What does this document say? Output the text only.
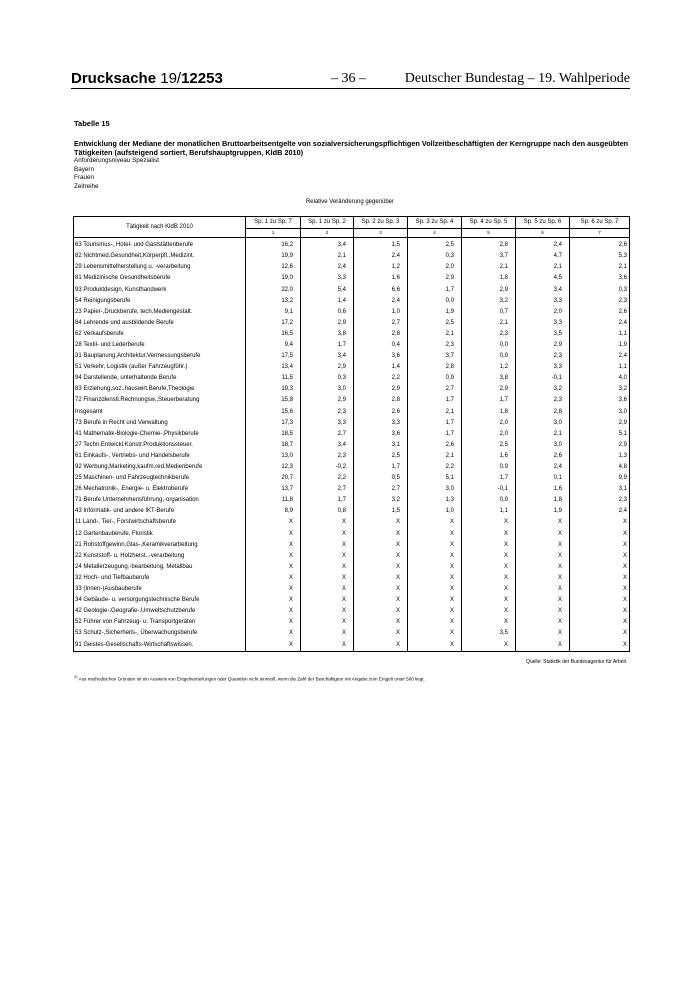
Drucksache 19/12253	– 36 –	Deutscher Bundestag – 19. Wahlperiode
Tabelle 15
Entwicklung der Mediane der monatlichen Bruttoarbeitsentgelte von sozialversicherungspflichtigen Vollzeitbeschäftigten der Kerngruppe nach den ausgeübten Tätigkeiten (aufsteigend sortiert, Berufshauptgruppen, KldB 2010)
Anforderungsniveau Spezialist
Bayern
Frauen
Zeitreihe
Relative Veränderung gegenüber
Tätigkeit nach KldB 2010	Sp. 1 zu Sp. 7	Sp. 1 zu Sp. 2	Sp. 2 zu Sp. 3	Sp. 3 zu Sp. 4	Sp. 4 zu Sp. 5	Sp. 5 zu Sp. 6	Sp. 6 zu Sp. 7
	1	2	3	4	5	6	7
63 Tourismus-, Hotel- und Gaststättenberufe	16,2	3,4	1,5	2,5	2,8	2,4	2,6
82 Nichtmed.Gesundheit,Körperpfl.,Medizint.	19,9	2,1	2,4	0,3	3,7	4,7	5,3
29 Lebensmittelherstellung u. -verarbeitung	12,6	2,4	1,2	2,0	2,1	2,1	2,1
81 Medizinische Gesundheitsberufe	19,0	3,3	1,6	2,9	1,8	4,5	3,6
93 Produktdesign, Kunsthandwerk	22,0	5,4	6,6	1,7	2,9	3,4	0,3
54 Reinigungsberufe	13,2	1,4	2,4	0,0	3,2	3,3	2,3
23 Papier-,Druckberufe, tech.Mediengestalt.	9,1	0,6	1,0	1,9	0,7	2,0	2,6
84 Lehrende und ausbildende Berufe	17,2	2,9	2,7	2,5	2,1	3,3	2,4
62 Verkaufsberufe	16,5	3,8	2,8	2,1	2,3	3,5	1,1
28 Textil- und Lederberufe	9,4	1,7	0,4	2,3	0,0	2,9	1,9
31 Bauplanung,Architektur,Vermessungsberufe	17,5	3,4	3,6	3,7	0,9	2,3	2,4
51 Verkehr, Logistik (außer Fahrzeugführ.)	13,4	2,9	1,4	2,8	1,2	3,3	1,1
94 Darstellende, unterhaltende Berufe	11,5	0,3	2,2	0,9	3,8	-0,1	4,0
83 Erziehung,soz.,hauswirt.Berufe,Theologie	19,3	3,0	2,9	2,7	2,9	3,2	3,2
72 Finanzdienstl.Rechnungsw.,Steuerberatung	15,8	2,9	2,8	1,7	1,7	2,3	3,6
Insgesamt	15,6	2,3	2,6	2,1	1,8	2,8	3,0
73 Berufe in Recht und Verwaltung	17,3	3,3	3,3	1,7	2,0	3,0	2,9
41 Mathematik-Biologie-Chemie-,Physikberufe	18,5	2,7	3,6	1,7	2,0	2,1	5,1
27 Techn.Entwickl.Konstr.Produktionssteuer.	18,7	3,4	3,1	2,6	2,5	3,0	2,9
61 Einkaufs-, Vertriebs- und Handelsberufe	13,0	2,3	2,5	2,1	1,6	2,6	1,3
92 Werbung,Marketing,kaufm,red.Medienberufe	12,3	-0,2	1,7	2,2	0,9	2,4	4,8
25 Maschinen- und Fahrzeugtechnikberufe	20,7	2,2	0,5	5,1	1,7	0,1	9,9
26 Mechatronik-, Energie- u. Elektroberufe	13,7	2,7	2,7	3,0	-0,1	1,6	3,1
71 Berufe Unternehmensführung,-organisation	11,8	1,7	3,2	1,3	0,9	1,8	2,3
43 Informatik- und andere IKT-Berufe	8,9	0,8	1,5	1,0	1,1	1,9	2,4
11 Land-, Tier-, Forstwirtschaftsberufe	X	X	X	X	X	X	X
12 Gartenbauberufe, Floristik	X	X	X	X	X	X	X
21 Rohstoffgewinn,Glas-,Keramikverarbeitung	X	X	X	X	X	X	X
22 Kunststoff- u. Holzherst.,-verarbeitung	X	X	X	X	X	X	X
24 Metallerzeugung,-bearbeitung, Metallbau	X	X	X	X	X	X	X
32 Hoch- und Tiefbauberufe	X	X	X	X	X	X	X
33 (Innen-)Ausbauberufe	X	X	X	X	X	X	X
34 Gebäude- u. versorgungstechnische Berufe	X	X	X	X	X	X	X
42 Geologie-,Geografie-,Umweltschutzberufe	X	X	X	X	X	X	X
52 Führer von Fahrzeug- u. Transportgeräten	X	X	X	X	X	X	X
53 Schutz-,Sicherheits-, Überwachungsberufe	X	X	X	X	3,5	X	X
91 Geistes-Gesellschafts-Wirtschaftswissen.	X	X	X	X	X	X	X
Quelle: Statistik der Bundesagentur für Arbeit
$^{X)}$ Aus methodischen Gründen ist ein Ausweis von Entgeltverteilungen oder Quantilen nicht sinnvoll, wenn die Zahl der Beschäftigten mit Angabe zum Entgelt unter 500 liegt.
